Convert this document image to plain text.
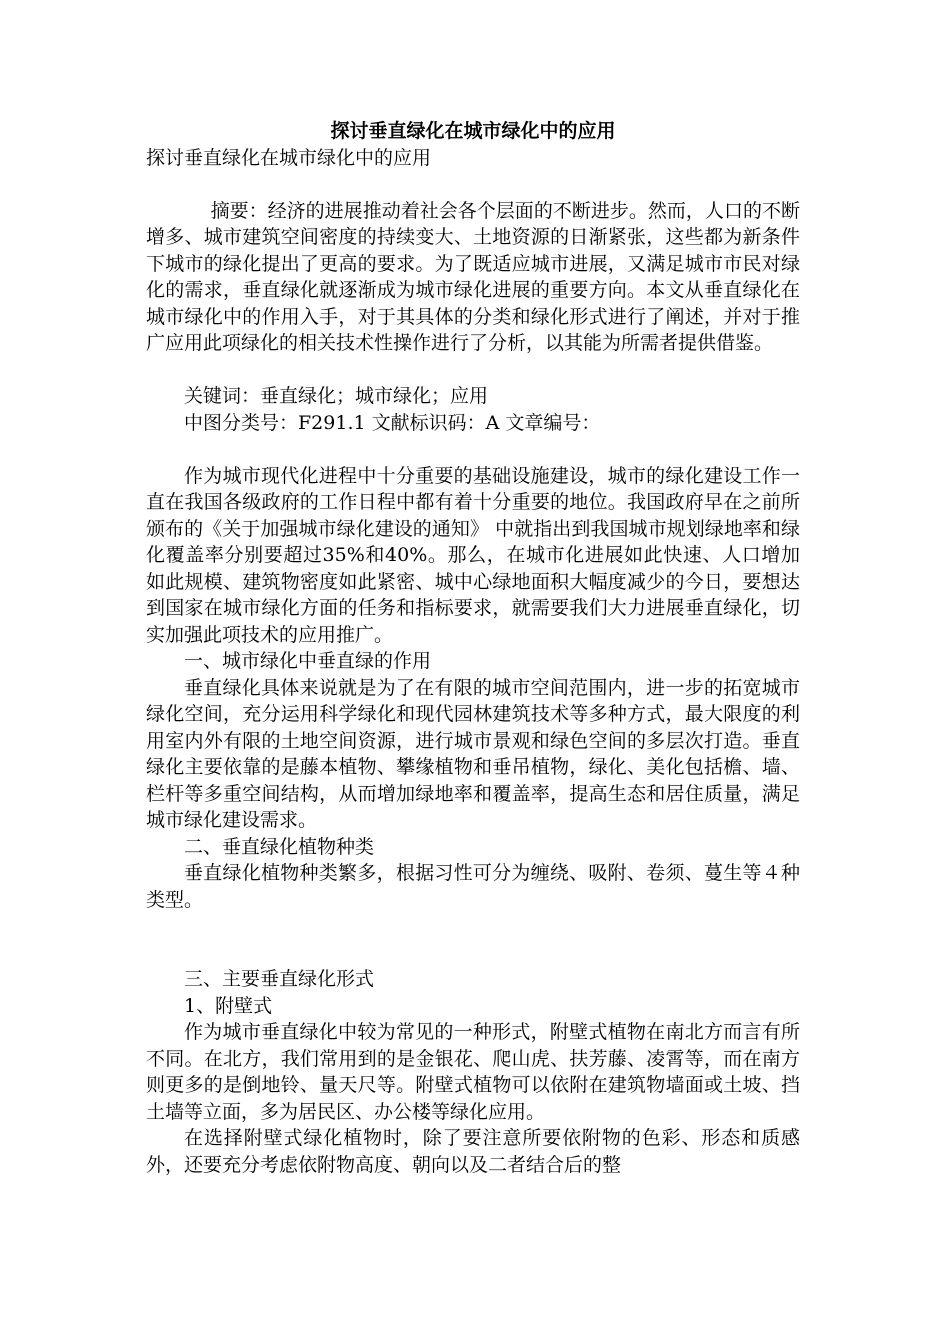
探讨垂直绿化在城市绿化中的应用

探讨垂直绿化在城市绿化中的应用

摘要：经济的进展推动着社会各个层面的不断进步。然而，人口的不断增多、城市建筑空间密度的持续变大、土地资源的日渐紧张，这些都为新条件下城市的绿化提出了更高的要求。为了既适应城市进展，又满足城市市民对绿化的需求，垂直绿化就逐渐成为城市绿化进展的重要方向。本文从垂直绿化在城市绿化中的作用入手，对于其具体的分类和绿化形式进行了阐述，并对于推广应用此项绿化的相关技术性操作进行了分析，以其能为所需者提供借鉴。

关键词：垂直绿化；城市绿化；应用

中图分类号：F291.1 文献标识码：A 文章编号：

作为城市现代化进程中十分重要的基础设施建设，城市的绿化建设工作一直在我国各级政府的工作日程中都有着十分重要的地位。我国政府早在之前所颁布的《关于加强城市绿化建设的通知》 中就指出到我国城市规划绿地率和绿化覆盖率分别要超过35%和40%。那么，在城市化进展如此快速、人口增加如此规模、建筑物密度如此紧密、城中心绿地面积大幅度减少的今日，要想达到国家在城市绿化方面的任务和指标要求，就需要我们大力进展垂直绿化，切实加强此项技术的应用推广。

一、城市绿化中垂直绿的作用

垂直绿化具体来说就是为了在有限的城市空间范围内，进一步的拓宽城市绿化空间，充分运用科学绿化和现代园林建筑技术等多种方式，最大限度的利用室内外有限的土地空间资源，进行城市景观和绿色空间的多层次打造。垂直绿化主要依靠的是藤本植物、攀缘植物和垂吊植物，绿化、美化包括檐、墙、栏杆等多重空间结构，从而增加绿地率和覆盖率，提高生态和居住质量，满足城市绿化建设需求。

二、垂直绿化植物种类

垂直绿化植物种类繁多，根据习性可分为缠绕、吸附、卷须、蔓生等４种类型。

三、主要垂直绿化形式

1、附壁式

作为城市垂直绿化中较为常见的一种形式，附壁式植物在南北方而言有所不同。在北方，我们常用到的是金银花、爬山虎、扶芳藤、凌霄等，而在南方则更多的是倒地铃、量天尺等。附壁式植物可以依附在建筑物墙面或土坡、挡土墙等立面，多为居民区、办公楼等绿化应用。

在选择附壁式绿化植物时，除了要注意所要依附物的色彩、形态和质感外，还要充分考虑依附物高度、朝向以及二者结合后的整
